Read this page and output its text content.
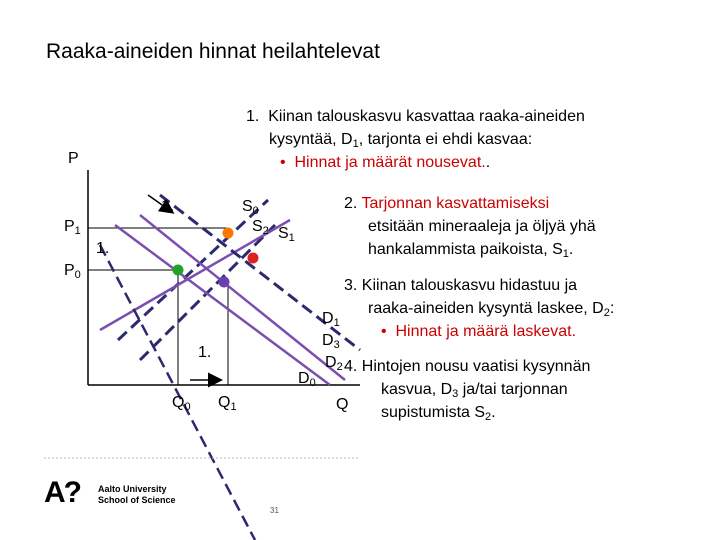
Raaka-aineiden hinnat heilahtelevat
1. Kiinan talouskasvu kasvattaa raaka-aineiden
kysyntää, $D_1$, tarjonta ei ehdi kasvaa:
• Hinnat ja määrät nousevat..
2. Tarjonnan kasvattamiseksi
etsitään mineraaleja ja öljyä yhä
hankalammista paikoista, $S_1$.
3. Kiinan talouskasvu hidastuu ja
raaka-aineiden kysyntä laskee, $D_2$:
• Hinnat ja määrä laskevat.
4. Hintojen nousu vaatisi kysynnän
kasvua, $D_3$ ja/tai tarjonnan
supistumista $S_2$.
P
Q
$P_1$
$P_0$
$Q_0$ $Q_1$
$S_0$
$S_2$ $S_1$
$D_1$
$D_3$
$D_2$
$D_0$
1.
1.
1.
A? Aalto University
School of Science
31
